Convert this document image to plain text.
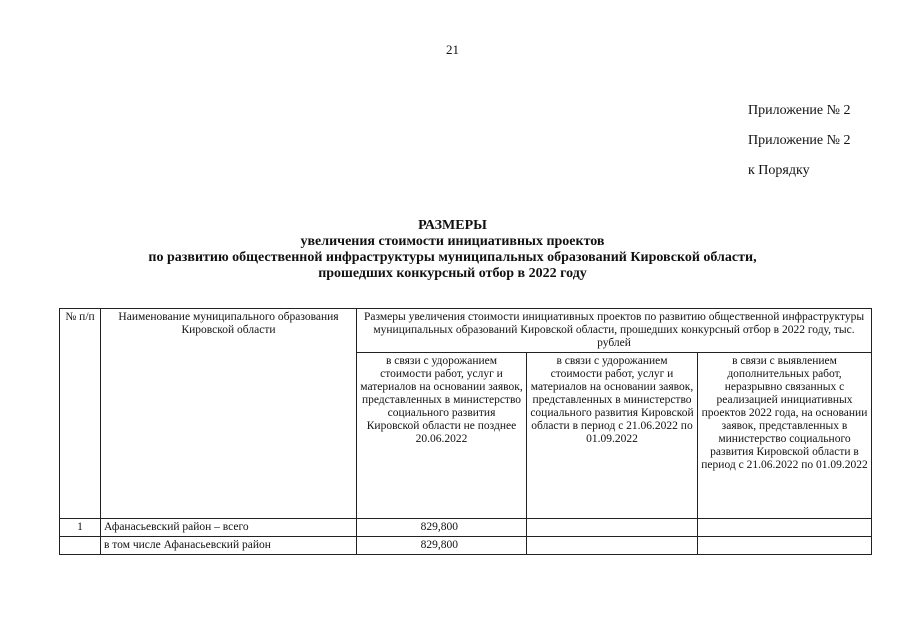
21
Приложение № 2
Приложение № 2
к Порядку
РАЗМЕРЫ
увеличения стоимости инициативных проектов
по развитию общественной инфраструктуры муниципальных образований Кировской области,
прошедших конкурсный отбор в 2022 году
№ п/п	Наименование муниципального образования Кировской области	Размеры увеличения стоимости инициативных проектов по развитию общественной инфраструктуры муниципальных образований Кировской области, прошедших конкурсный отбор в 2022 году, тыс. рублей		
		в связи с удорожанием стоимости работ, услуг и материалов на основании заявок, представленных в министерство социального развития Кировской области не позднее 20.06.2022	в связи с удорожанием стоимости работ, услуг и материалов на основании заявок, представленных в министерство социального развития Кировской области в период с 21.06.2022 по 01.09.2022	в связи с выявлением дополнительных работ, неразрывно связанных с реализацией инициативных проектов 2022 года, на основании заявок, представленных в министерство социального развития Кировской области в период с 21.06.2022 по 01.09.2022
1	Афанасьевский район – всего	829,800		
	в том числе Афанасьевский район	829,800		
